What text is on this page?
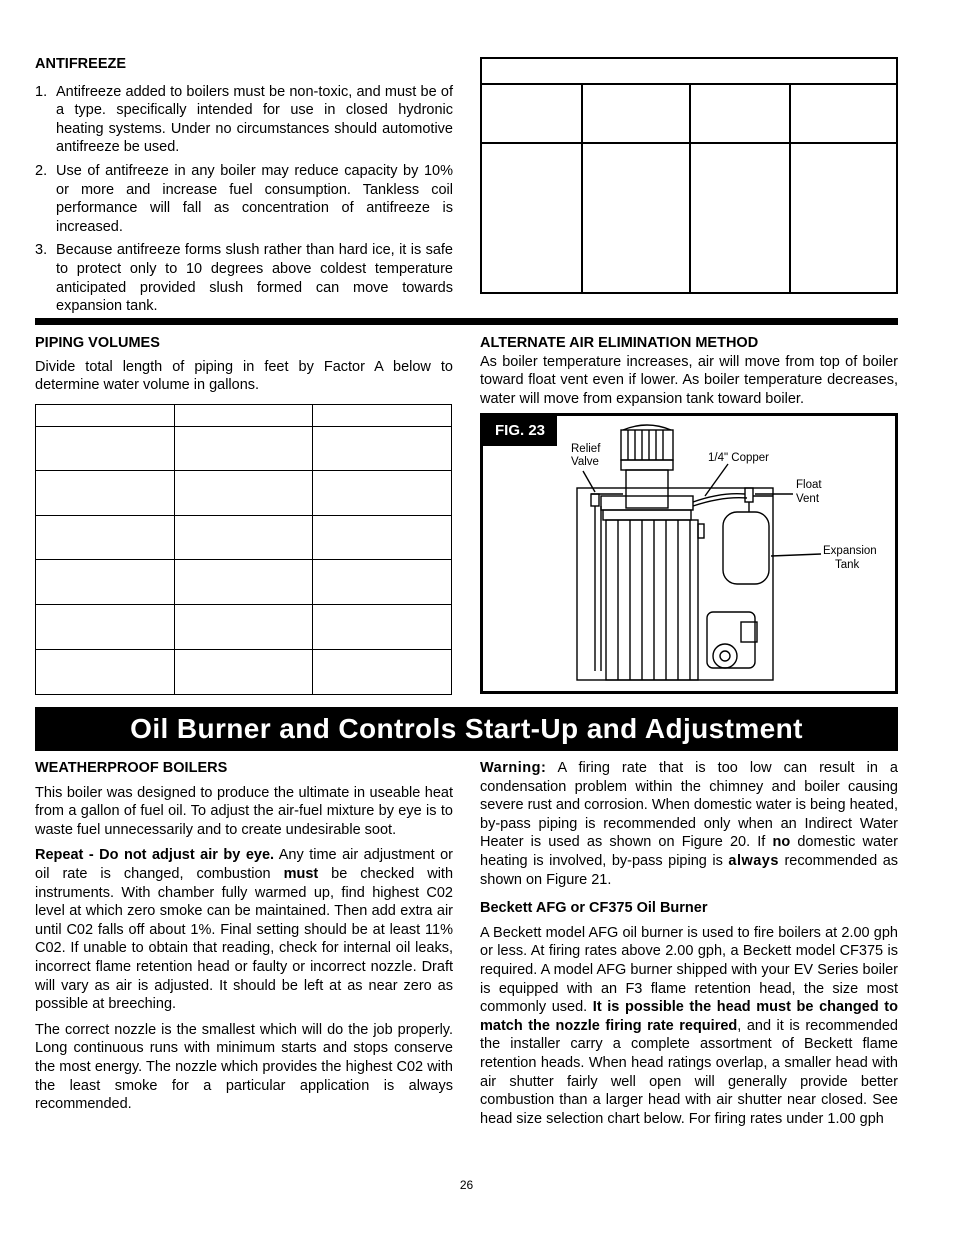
ANTIFREEZE
1. Antifreeze added to boilers must be non-toxic, and must be of a type. specifically intended for use in closed hydronic heating systems. Under no circumstances should automotive antifreeze be used.
2. Use of antifreeze in any boiler may reduce capacity by 10% or more and increase fuel consumption. Tankless coil performance will fall as concentration of antifreeze is increased.
3. Because antifreeze forms slush rather than hard ice, it is safe to protect only to 10 degrees above coldest temperature anticipated provided slush formed can move towards expansion tank.
PIPING VOLUMES

Divide total length of piping in feet by Factor A below to determine water volume in gallons.

ALTERNATE AIR ELIMINATION METHOD

As boiler temperature increases, air will move from top of boiler toward float vent even if lower. As boiler temperature decreases, water will move from expansion tank toward boiler.

FIG. 23
Relief
Valve	1/4" Copper
Float
Vent
Expansion
Tank
Oil Burner and Controls Start-Up and Adjustment
WEATHERPROOF BOILERS

This boiler was designed to produce the ultimate in useable heat from a gallon of fuel oil. To adjust the air-fuel mixture by eye is to waste fuel unnecessarily and to create undesirable soot.

Repeat - Do not adjust air by eye. Any time air adjustment or oil rate is changed, combustion must be checked with instruments. With chamber fully warmed up, find highest C02 level at which zero smoke can be maintained. Then add extra air until C02 falls off about 1%. Final setting should be at least 11% C02. If unable to obtain that reading, check for internal oil leaks, incorrect flame retention head or faulty or incorrect nozzle. Draft will vary as air is adjusted. It should be left at as near zero as possible at breeching.

The correct nozzle is the smallest which will do the job properly. Long continuous runs with minimum starts and stops conserve the most energy. The nozzle which provides the highest C02 with the least smoke for a particular application is always recommended.

Warning: A firing rate that is too low can result in a condensation problem within the chimney and boiler causing severe rust and corrosion. When domestic water is being heated, by-pass piping is recommended only when an Indirect Water Heater is used as shown on Figure 20. If no domestic water heating is involved, by-pass piping is always recommended as shown on Figure 21.

Beckett AFG or CF375 Oil Burner

A Beckett model AFG oil burner is used to fire boilers at 2.00 gph or less. At firing rates above 2.00 gph, a Beckett model CF375 is required. A model AFG burner shipped with your EV Series boiler is equipped with an F3 flame retention head, the size most commonly used. It is possible the head must be changed to match the nozzle firing rate required, and it is recommended the installer carry a complete assortment of Beckett flame retention heads. When head ratings overlap, a smaller head with air shutter fairly well open will generally provide better combustion than a larger head with air shutter near closed. See head size selection chart below. For firing rates under 1.00 gph

26
